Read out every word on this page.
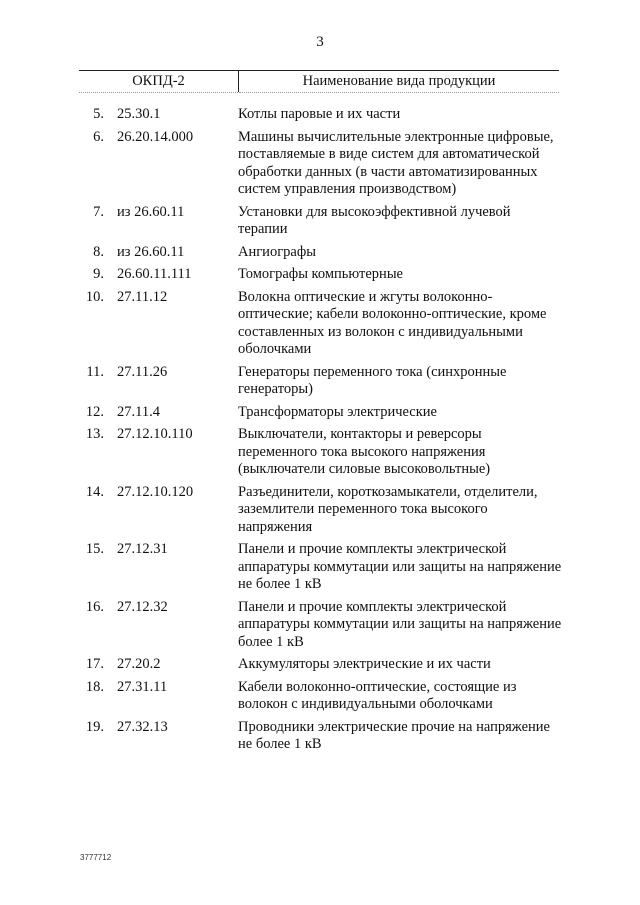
3
ОКПД-2	Наименование вида продукции
5. 25.30.1	Котлы паровые и их части
6. 26.20.14.000	Машины вычислительные электронные цифровые, поставляемые в виде систем для автоматической обработки данных (в части автоматизированных систем управления производством)
7. из 26.60.11	Установки для высокоэффективной лучевой терапии
8. из 26.60.11	Ангиографы
9. 26.60.11.111	Томографы компьютерные
10. 27.11.12	Волокна оптические и жгуты волоконно-оптические; кабели волоконно-оптические, кроме составленных из волокон с индивидуальными оболочками
11. 27.11.26	Генераторы переменного тока (синхронные генераторы)
12. 27.11.4	Трансформаторы электрические
13. 27.12.10.110	Выключатели, контакторы и реверсоры переменного тока высокого напряжения (выключатели силовые высоковольтные)
14. 27.12.10.120	Разъединители, короткозамыкатели, отделители, заземлители переменного тока высокого напряжения
15. 27.12.31	Панели и прочие комплекты электрической аппаратуры коммутации или защиты на напряжение не более 1 кВ
16. 27.12.32	Панели и прочие комплекты электрической аппаратуры коммутации или защиты на напряжение более 1 кВ
17. 27.20.2	Аккумуляторы электрические и их части
18. 27.31.11	Кабели волоконно-оптические, состоящие из волокон с индивидуальными оболочками
19. 27.32.13	Проводники электрические прочие на напряжение не более 1 кВ
3777712
